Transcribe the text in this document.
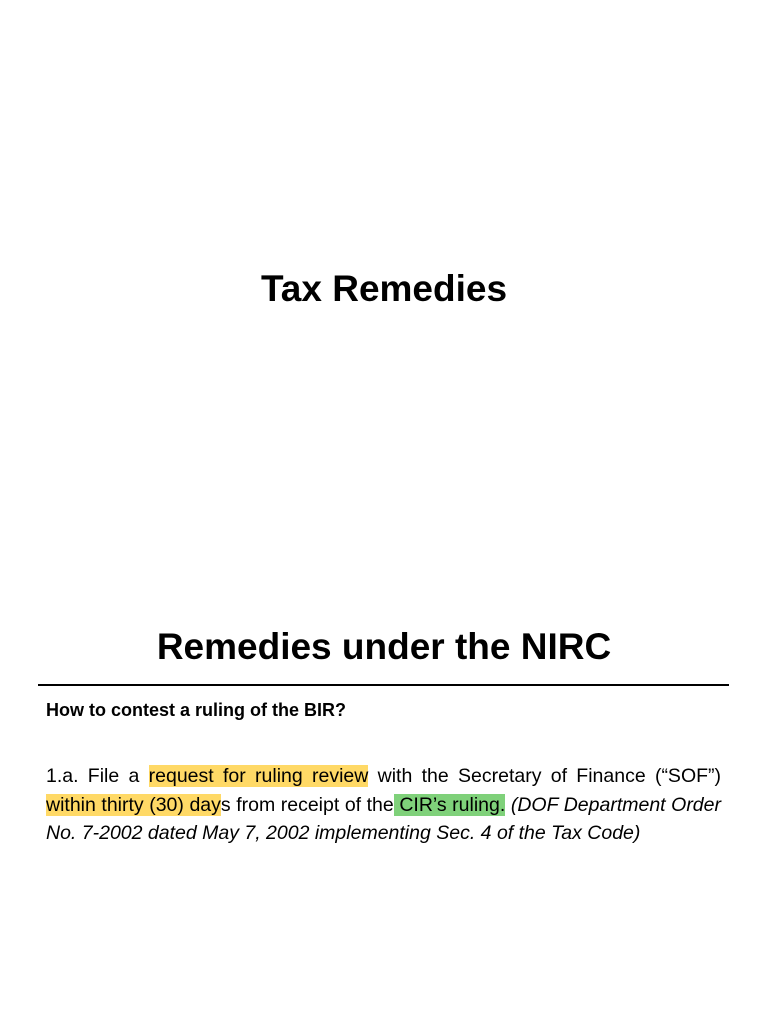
Tax Remedies
Remedies under the NIRC
How to contest a ruling of the BIR?

1.a. File a request for ruling review with the Secretary of Finance (“SOF”) within thirty (30) days from receipt of the CIR’s ruling. (DOF Department Order No. 7-2002 dated May 7, 2002 implementing Sec. 4 of the Tax Code)
